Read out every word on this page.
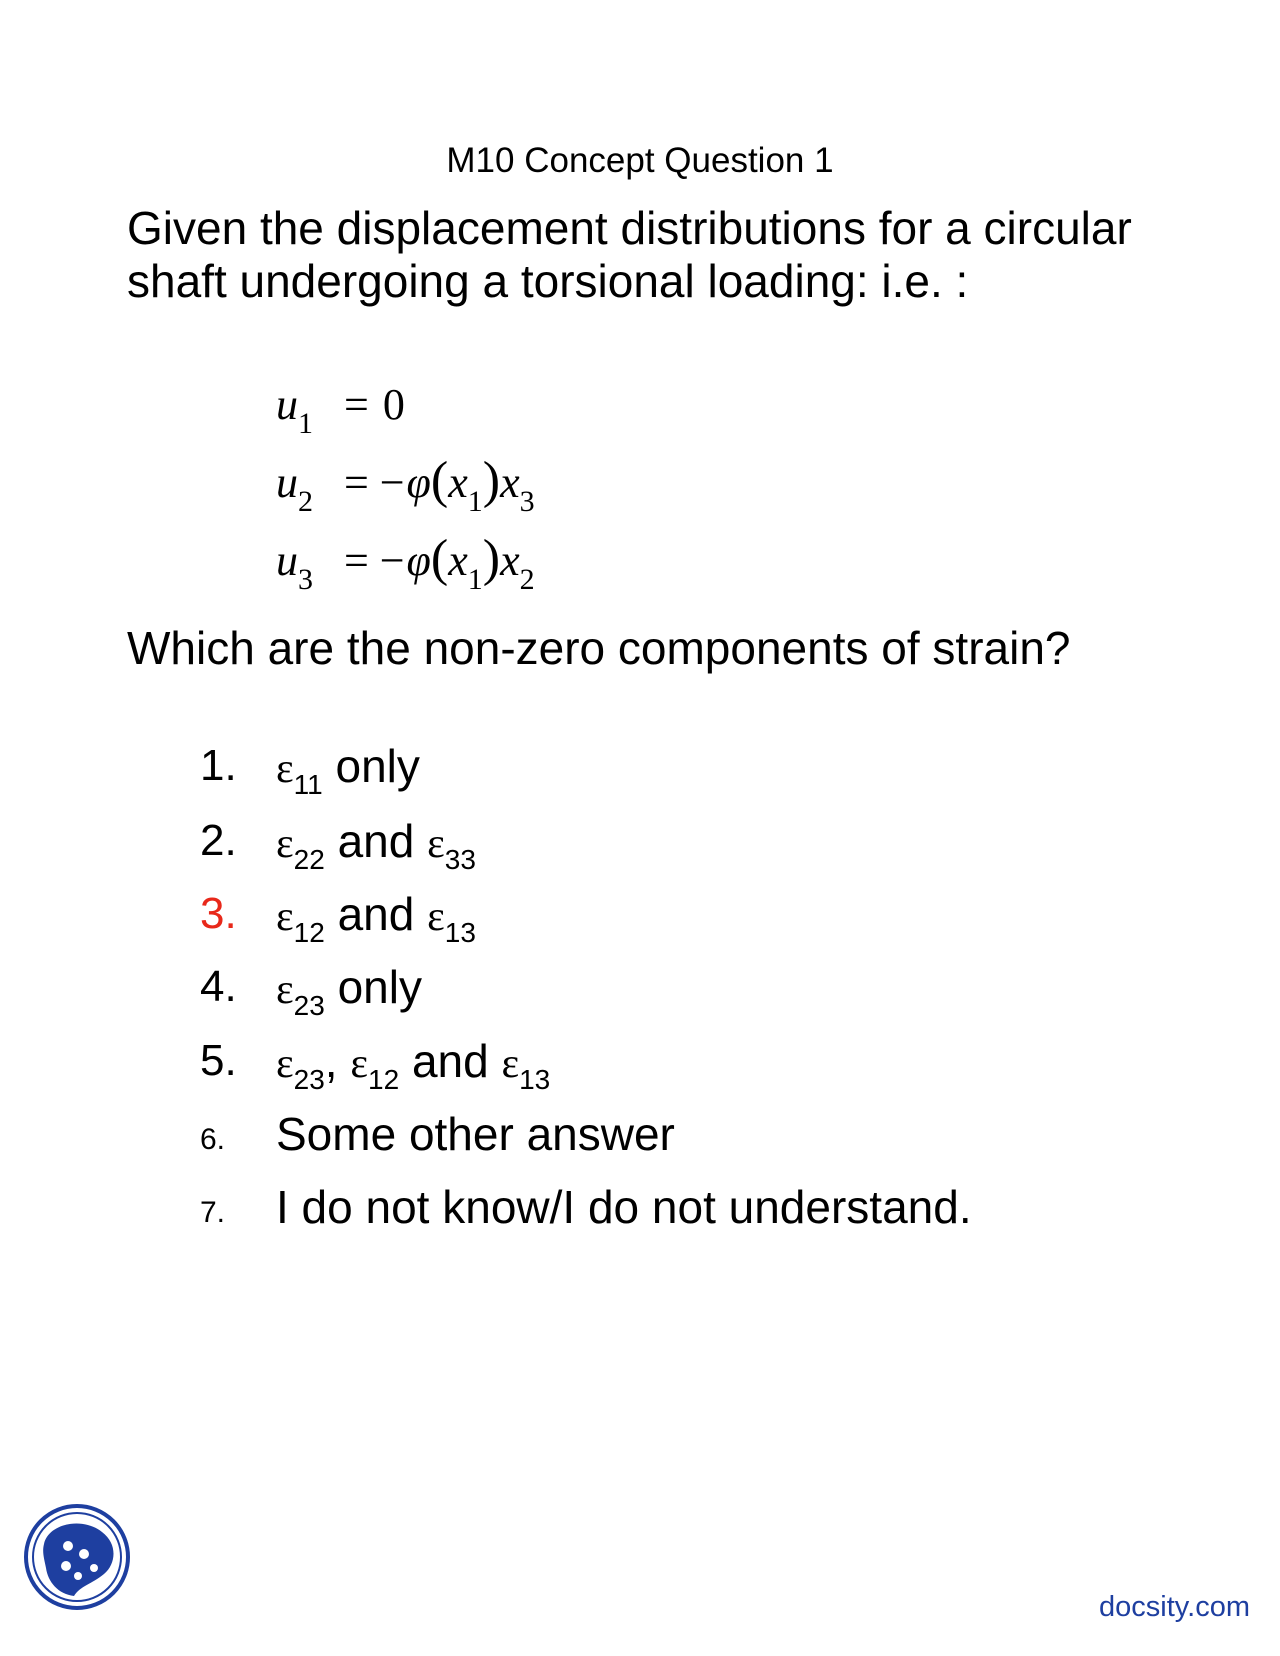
M10 Concept Question 1
Given the displacement distributions for a circular shaft undergoing a torsional loading: i.e. :
$u_1 = 0$
$u_2 = -\varphi(x_1)x_3$
$u_3 = -\varphi(x_1)x_2$
Which are the non-zero components of strain?
1. $\varepsilon_{11}$ only
2. $\varepsilon_{22}$ and $\varepsilon_{33}$
3. $\varepsilon_{12}$ and $\varepsilon_{13}$
4. $\varepsilon_{23}$ only
5. $\varepsilon_{23}$, $\varepsilon_{12}$ and $\varepsilon_{13}$
6.	Some other answer
7.	I do not know/I do not understand.
docsity.com
